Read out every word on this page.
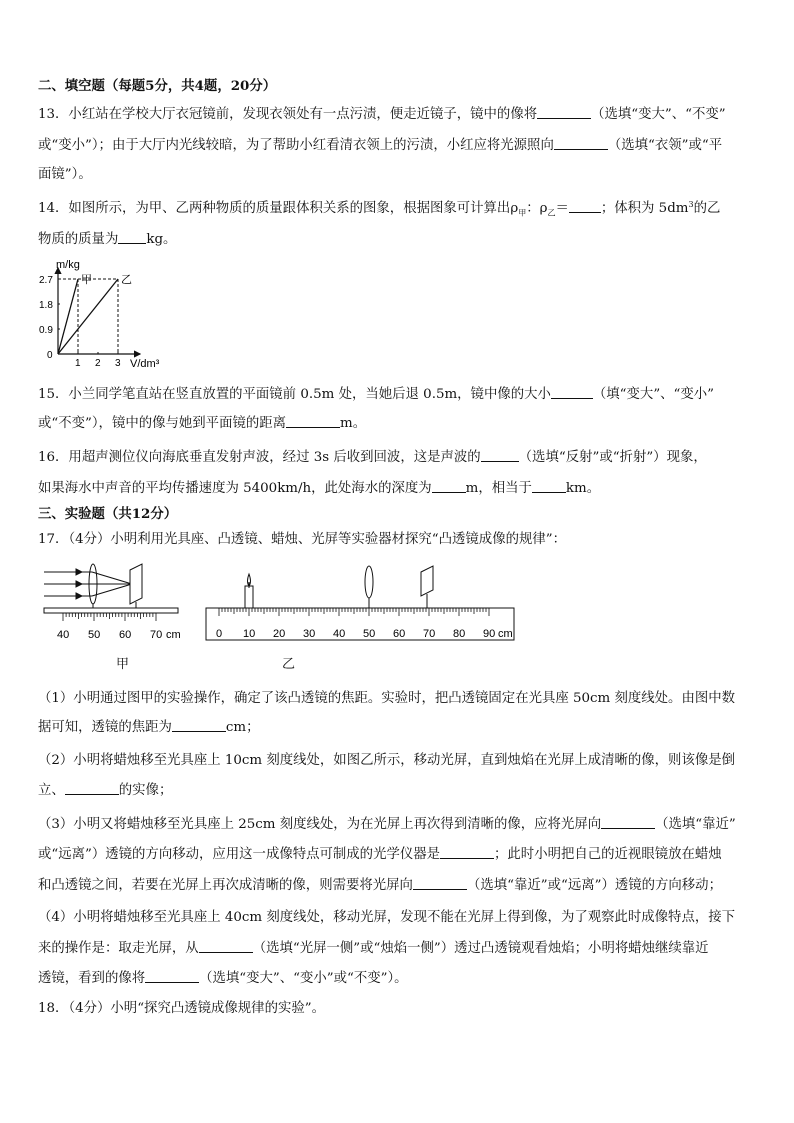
二、填空题（每题5分，共4题，20分）
13．小红站在学校大厅衣冠镜前，发现衣领处有一点污渍，便走近镜子，镜中的像将	（选填“变大”、“不变”
或“变小”）；由于大厅内光线较暗，为了帮助小红看清衣领上的污渍，小红应将光源照向	（选填“衣领”或“平
面镜”）。
14．如图所示，为甲、乙两种物质的质量跟体积关系的图象，根据图象可计算出$\rho_甲$：$\rho_乙=$ ；体积为 $5dm^3$的乙
物质的质量为 kg。
m/kg
V/dm³
0
1 2 3
0.9
1.8
2.7	甲	乙
15．小兰同学笔直站在竖直放置的平面镜前 0.5m 处，当她后退 0.5m，镜中像的大小	（填“变大”、“变小”
或“不变”），镜中的像与她到平面镜的距离	m。
16．用超声测位仪向海底垂直发射声波，经过 3s 后收到回波，这是声波的	（选填“反射”或“折射”）现象，
如果海水中声音的平均传播速度为 5400km/h，此处海水的深度为	m，相当于	km。
三、实验题（共12分）
17．（4分）小明利用光具座、凸透镜、蜡烛、光屏等实验器材探究“凸透镜成像的规律”：
40 50 60 70 cm
甲
0 10 20 30 40 50 60 70 80 90 cm
乙
（1）小明通过图甲的实验操作，确定了该凸透镜的焦距。实验时，把凸透镜固定在光具座 50cm 刻度线处。由图中数
据可知，透镜的焦距为	cm；
（2）小明将蜡烛移至光具座上 10cm 刻度线处，如图乙所示，移动光屏，直到烛焰在光屏上成清晰的像，则该像是倒
立、	的实像；
（3）小明又将蜡烛移至光具座上 25cm 刻度线处，为在光屏上再次得到清晰的像，应将光屏向	（选填“靠近”
或“远离”）透镜的方向移动，应用这一成像特点可制成的光学仪器是	；此时小明把自己的近视眼镜放在蜡烛
和凸透镜之间，若要在光屏上再次成清晰的像，则需要将光屏向	（选填“靠近”或“远离”）透镜的方向移动；
（4）小明将蜡烛移至光具座上 40cm 刻度线处，移动光屏，发现不能在光屏上得到像，为了观察此时成像特点，接下
来的操作是：取走光屏，从	（选填“光屏一侧”或“烛焰一侧”）透过凸透镜观看烛焰；小明将蜡烛继续靠近
透镜，看到的像将	（选填“变大”、“变小”或“不变”）。
18．（4分）小明“探究凸透镜成像规律的实验”。
